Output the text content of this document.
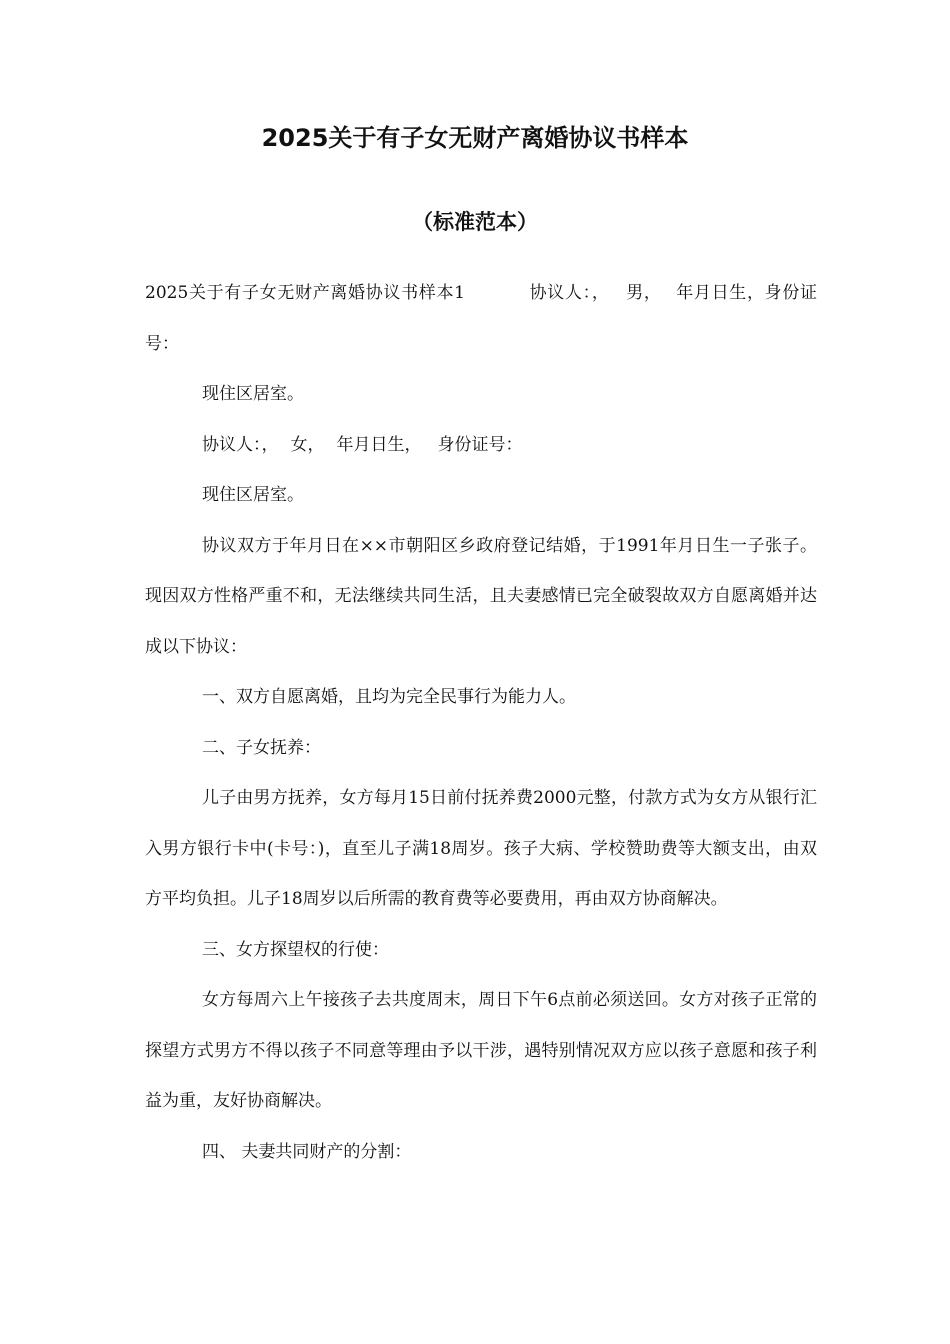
2025关于有子女无财产离婚协议书样本
（标准范本）

2025关于有子女无财产离婚协议书样本1	协议人：， 男， 年月日生，身份证号：

现住区居室。

协议人：， 女， 年月日生， 身份证号：

现住区居室。

协议双方于年月日在××市朝阳区乡政府登记结婚，于1991年月日生一子张子。现因双方性格严重不和，无法继续共同生活，且夫妻感情已完全破裂故双方自愿离婚并达成以下协议：

一、双方自愿离婚，且均为完全民事行为能力人。

二、子女抚养：

儿子由男方抚养，女方每月15日前付抚养费2000元整，付款方式为女方从银行汇入男方银行卡中(卡号：)，直至儿子满18周岁。孩子大病、学校赞助费等大额支出，由双方平均负担。儿子18周岁以后所需的教育费等必要费用，再由双方协商解决。

三、女方探望权的行使：

女方每周六上午接孩子去共度周末，周日下午6点前必须送回。女方对孩子正常的探望方式男方不得以孩子不同意等理由予以干涉，遇特别情况双方应以孩子意愿和孩子利益为重，友好协商解决。

四、 夫妻共同财产的分割：
